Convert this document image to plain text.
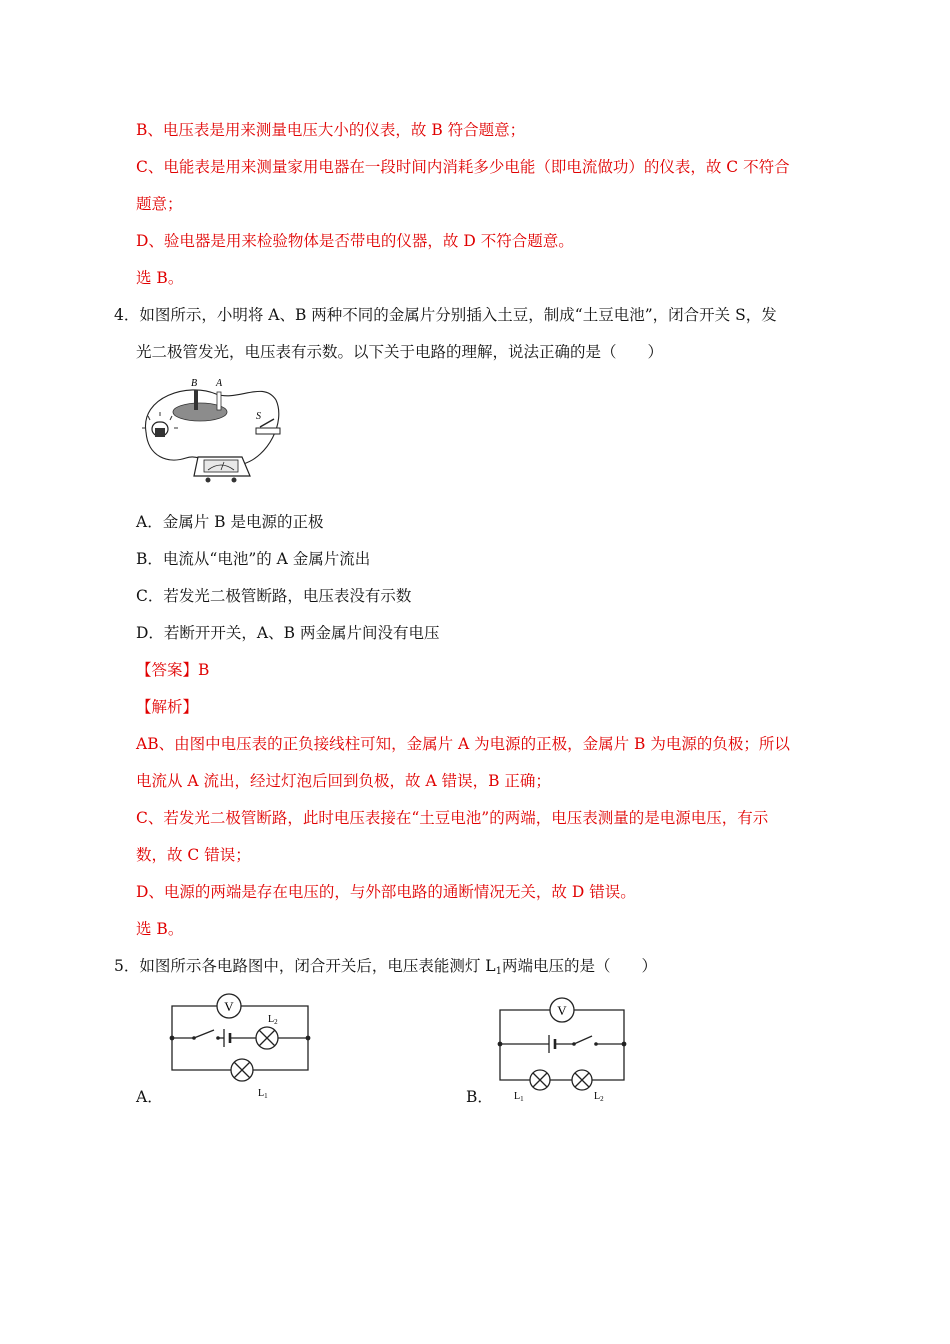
B、电压表是用来测量电压大小的仪表，故 B 符合题意；
C、电能表是用来测量家用电器在一段时间内消耗多少电能（即电流做功）的仪表，故 C 不符合
题意；
D、验电器是用来检验物体是否带电的仪器，故 D 不符合题意。
选 B。
4．如图所示，小明将 A、B 两种不同的金属片分别插入土豆，制成“土豆电池”，闭合开关 S，发
光二极管发光，电压表有示数。以下关于电路的理解，说法正确的是（　　）
B A
S
A．金属片 B 是电源的正极
B．电流从“电池”的 A 金属片流出
C．若发光二极管断路，电压表没有示数
D．若断开开关，A、B 两金属片间没有电压
【答案】B
【解析】
AB、由图中电压表的正负接线柱可知，金属片 A 为电源的正极，金属片 B 为电源的负极；所以
电流从 A 流出，经过灯泡后回到负极，故 A 错误，B 正确；
C、若发光二极管断路，此时电压表接在“土豆电池”的两端，电压表测量的是电源电压，有示
数，故 C 错误；
D、电源的两端是存在电压的，与外部电路的通断情况无关，故 D 错误。
选 B。
5．如图所示各电路图中，闭合开关后，电压表能测灯 $L_1$两端电压的是（　　）
V
$L_2$
$L_1$
A．
V
$L_1$	$L_2$
B．
